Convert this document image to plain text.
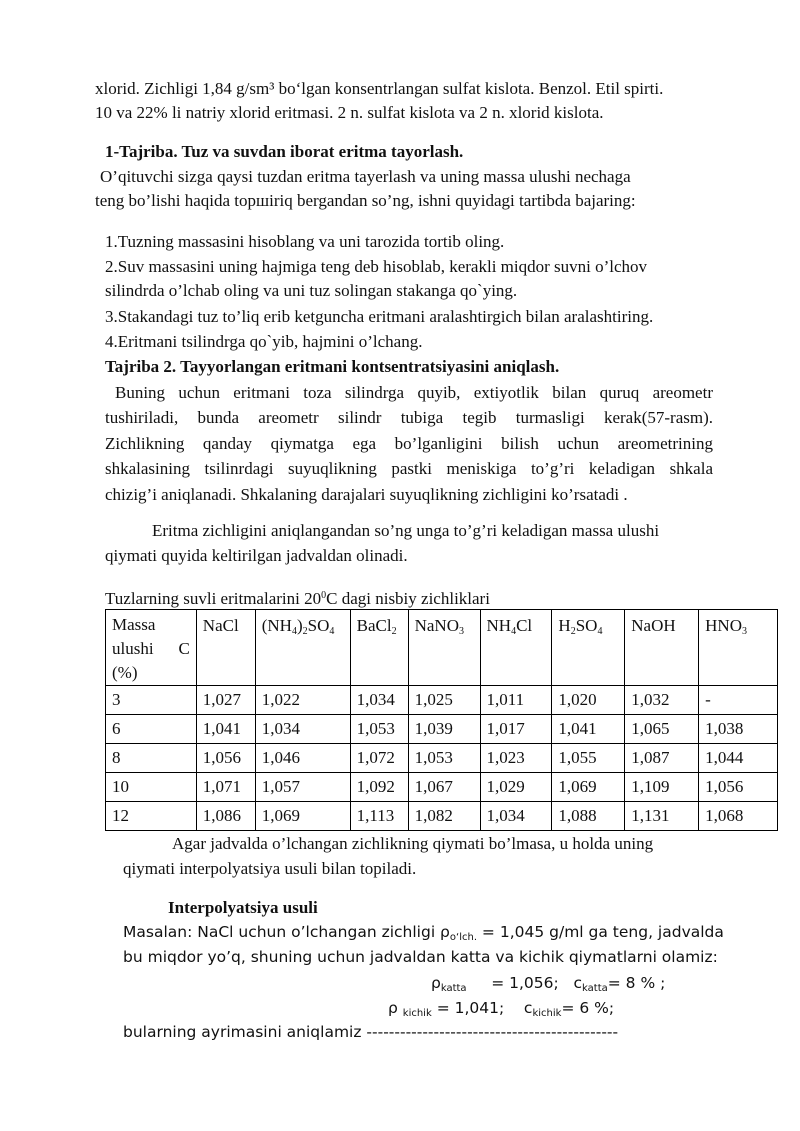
xlorid. Zichligi 1,84 g/sm³ bo‘lgan konsentrlangan sulfat kislota. Benzol. Etil spirti.
10 va 22% li natriy xlorid eritmasi. 2 n. sulfat kislota va 2 n. xlorid kislota.
1-Tajriba. Tuz va suvdan iborat eritma tayorlash.
O’qituvchi sizga qaysi tuzdan eritma tayerlash va uning massa ulushi nechaga
teng bo’lishi haqida topшiriq bergandan so’ng, ishni quyidagi tartibda bajaring:
1.Tuzning massasini hisoblang va uni tarozida tortib oling.
2.Suv massasini uning hajmiga teng deb hisoblab, kerakli miqdor suvni o’lchov
silindrda o’lchab oling va uni tuz solingan stakanga qo`ying.
3.Stakandagi tuz to’liq erib ketguncha eritmani aralashtirgich bilan aralashtiring.
4.Eritmani tsilindrga qo`yib, hajmini o’lchang.
Tajriba 2. Tayyorlangan eritmani kontsentratsiyasini aniqlash.
Buning uchun eritmani toza silindrga quyib, extiyotlik bilan quruq areometr
tushiriladi, bunda areometr silindr tubiga tegib turmasligi kerak(57-rasm).
Zichlikning qanday qiymatga ega bo’lganligini bilish uchun areometrining
shkalasining tsilinrdagi suyuqlikning pastki meniskiga to’g’ri keladigan shkala
chizig’i aniqlanadi. Shkalaning darajalari suyuqlikning zichligini ko’rsatadi .
Eritma zichligini aniqlangandan so’ng unga to’g’ri keladigan massa ulushi
qiymati quyida keltirilgan jadvaldan olinadi.
Tuzlarning suvli eritmalarini $20^0C$ dagi nisbiy zichliklari
Massa
ulushi C
(%)	NaCl	$(NH_4)_2SO_4$	BaCl$_2$	NaNO$_3$	$NH_4Cl$	$H_2SO_4$	NaOH	$HNO_3$
3	1,027	1,022	1,034	1,025	1,011	1,020	1,032	-
6	1,041	1,034	1,053	1,039	1,017	1,041	1,065	1,038
8	1,056	1,046	1,072	1,053	1,023	1,055	1,087	1,044
10	1,071	1,057	1,092	1,067	1,029	1,069	1,109	1,056
12	1,086	1,069	1,113	1,082	1,034	1,088	1,131	1,068
Agar jadvalda o’lchangan zichlikning qiymati bo’lmasa, u holda uning
qiymati interpolyatsiya usuli bilan topiladi.
Interpolyatsiya usuli
Masalan: NaCl uchun o’lchangan zichligi $\rho_{o‘lch.} = 1,045$ g/ml ga teng, jadvalda
bu miqdor yo’q, shuning uchun jadvaldan katta va kichik qiymatlarni olamiz:
$\rho_{katta} = 1,056$; $c_{katta}= 8$ % ;
ρ $_{kichik}$ = 1,041; $c_{kichik}= 6$ %;
bularning ayrimasini aniqlamiz ---------------------------------------------
